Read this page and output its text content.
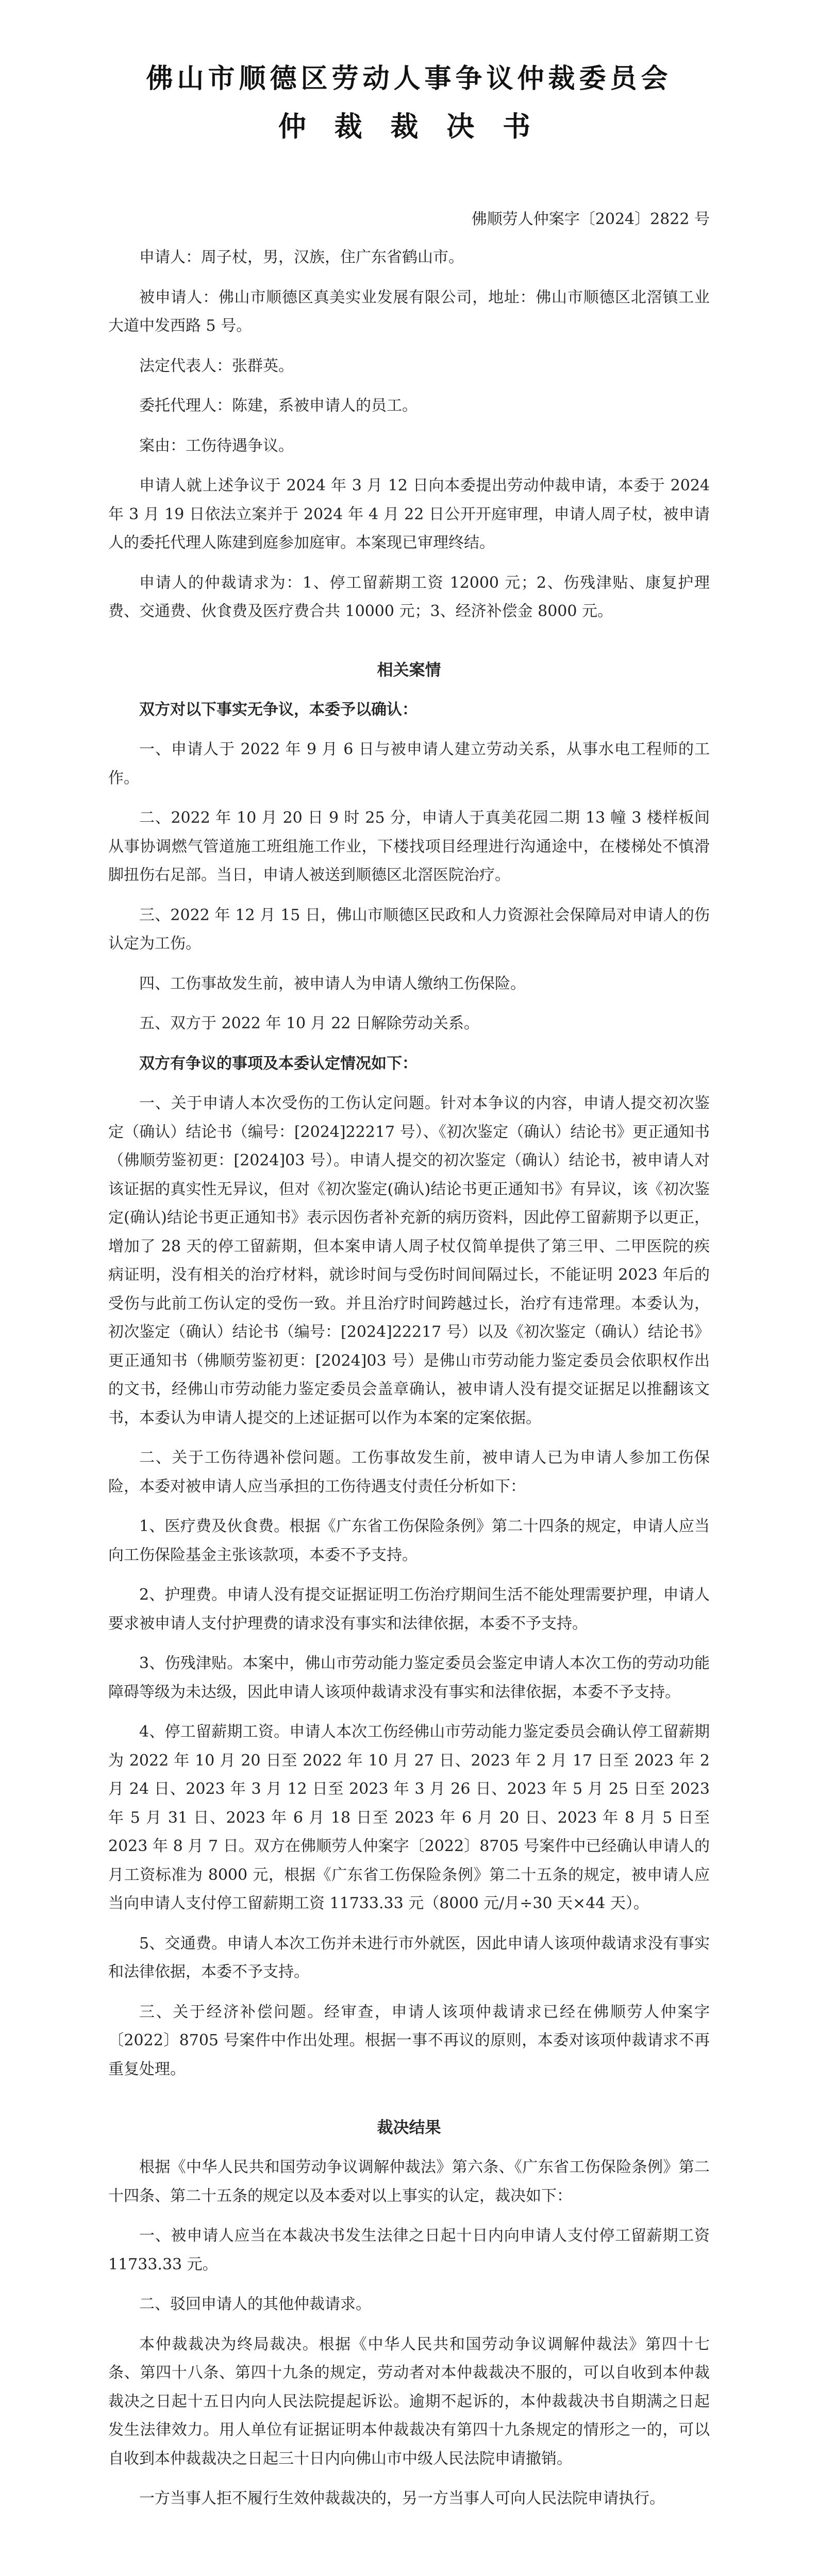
佛山市顺德区劳动人事争议仲裁委员会
仲 裁 裁 决 书
佛顺劳人仲案字〔2024〕2822 号

申请人：周子杖，男，汉族，住广东省鹤山市。

被申请人：佛山市顺德区真美实业发展有限公司，地址：佛山市顺德区北滘镇工业大道中发西路 5 号。

法定代表人：张群英。

委托代理人：陈建，系被申请人的员工。

案由：工伤待遇争议。

申请人就上述争议于 2024 年 3 月 12 日向本委提出劳动仲裁申请，本委于 2024 年 3 月 19 日依法立案并于 2024 年 4 月 22 日公开开庭审理，申请人周子杖，被申请人的委托代理人陈建到庭参加庭审。本案现已审理终结。

申请人的仲裁请求为：1、停工留薪期工资 12000 元；2、伤残津贴、康复护理费、交通费、伙食费及医疗费合共 10000 元；3、经济补偿金 8000 元。

相关案情

双方对以下事实无争议，本委予以确认：

一、申请人于 2022 年 9 月 6 日与被申请人建立劳动关系，从事水电工程师的工作。

二、2022 年 10 月 20 日 9 时 25 分，申请人于真美花园二期 13 幢 3 楼样板间从事协调燃气管道施工班组施工作业，下楼找项目经理进行沟通途中，在楼梯处不慎滑脚扭伤右足部。当日，申请人被送到顺德区北滘医院治疗。

三、2022 年 12 月 15 日，佛山市顺德区民政和人力资源社会保障局对申请人的伤认定为工伤。

四、工伤事故发生前，被申请人为申请人缴纳工伤保险。

五、双方于 2022 年 10 月 22 日解除劳动关系。

双方有争议的事项及本委认定情况如下：

一、关于申请人本次受伤的工伤认定问题。针对本争议的内容，申请人提交初次鉴定（确认）结论书（编号：[2024]22217 号）、《初次鉴定（确认）结论书》更正通知书（佛顺劳鉴初更：[2024]03 号）。申请人提交的初次鉴定（确认）结论书，被申请人对该证据的真实性无异议，但对《初次鉴定(确认)结论书更正通知书》有异议，该《初次鉴定(确认)结论书更正通知书》表示因伤者补充新的病历资料，因此停工留薪期予以更正，增加了 28 天的停工留薪期，但本案申请人周子杖仅简单提供了第三甲、二甲医院的疾病证明，没有相关的治疗材料，就诊时间与受伤时间间隔过长，不能证明 2023 年后的受伤与此前工伤认定的受伤一致。并且治疗时间跨越过长，治疗有违常理。本委认为，初次鉴定（确认）结论书（编号：[2024]22217 号）以及《初次鉴定（确认）结论书》更正通知书（佛顺劳鉴初更：[2024]03 号）是佛山市劳动能力鉴定委员会依职权作出的文书，经佛山市劳动能力鉴定委员会盖章确认，被申请人没有提交证据足以推翻该文书，本委认为申请人提交的上述证据可以作为本案的定案依据。

二、关于工伤待遇补偿问题。工伤事故发生前，被申请人已为申请人参加工伤保险，本委对被申请人应当承担的工伤待遇支付责任分析如下：

1、医疗费及伙食费。根据《广东省工伤保险条例》第二十四条的规定，申请人应当向工伤保险基金主张该款项，本委不予支持。

2、护理费。申请人没有提交证据证明工伤治疗期间生活不能处理需要护理，申请人要求被申请人支付护理费的请求没有事实和法律依据，本委不予支持。

3、伤残津贴。本案中，佛山市劳动能力鉴定委员会鉴定申请人本次工伤的劳动功能障碍等级为未达级，因此申请人该项仲裁请求没有事实和法律依据，本委不予支持。

4、停工留薪期工资。申请人本次工伤经佛山市劳动能力鉴定委员会确认停工留薪期为 2022 年 10 月 20 日至 2022 年 10 月 27 日、2023 年 2 月 17 日至 2023 年 2 月 24 日、2023 年 3 月 12 日至 2023 年 3 月 26 日、2023 年 5 月 25 日至 2023 年 5 月 31 日、2023 年 6 月 18 日至 2023 年 6 月 20 日、2023 年 8 月 5 日至 2023 年 8 月 7 日。双方在佛顺劳人仲案字〔2022〕8705 号案件中已经确认申请人的月工资标准为 8000 元，根据《广东省工伤保险条例》第二十五条的规定，被申请人应当向申请人支付停工留薪期工资 11733.33 元（8000 元/月÷30 天×44 天）。

5、交通费。申请人本次工伤并未进行市外就医，因此申请人该项仲裁请求没有事实和法律依据，本委不予支持。

三、关于经济补偿问题。经审查，申请人该项仲裁请求已经在佛顺劳人仲案字〔2022〕8705 号案件中作出处理。根据一事不再议的原则，本委对该项仲裁请求不再重复处理。

裁决结果

根据《中华人民共和国劳动争议调解仲裁法》第六条、《广东省工伤保险条例》第二十四条、第二十五条的规定以及本委对以上事实的认定，裁决如下：

一、被申请人应当在本裁决书发生法律之日起十日内向申请人支付停工留薪期工资 11733.33 元。

二、驳回申请人的其他仲裁请求。

本仲裁裁决为终局裁决。根据《中华人民共和国劳动争议调解仲裁法》第四十七条、第四十八条、第四十九条的规定，劳动者对本仲裁裁决不服的，可以自收到本仲裁裁决之日起十五日内向人民法院提起诉讼。逾期不起诉的，本仲裁裁决书自期满之日起发生法律效力。用人单位有证据证明本仲裁裁决有第四十九条规定的情形之一的，可以自收到本仲裁裁决之日起三十日内向佛山市中级人民法院申请撤销。

一方当事人拒不履行生效仲裁裁决的，另一方当事人可向人民法院申请执行。
